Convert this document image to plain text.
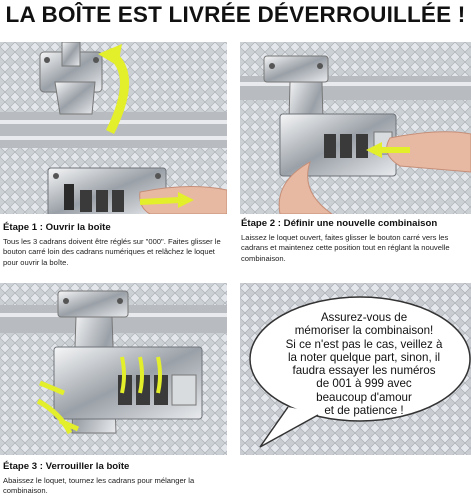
LA BOÎTE EST LIVRÉE DÉVERROUILLÉE !
Assurez-vous de
mémoriser la combinaison!
Si ce n'est pas le cas, veillez à
la noter quelque part, sinon, il
faudra essayer les numéros
de 001 à 999 avec
beaucoup d'amour
et de patience !
Étape 1 : Ouvrir la boîte
Tous les 3 cadrans doivent être réglés sur "000". Faites glisser le bouton carré loin des cadrans numériques et relâchez le loquet pour ouvrir la boîte.
Étape 2 : Définir une nouvelle combinaison
Laissez le loquet ouvert, faites glisser le bouton carré vers les cadrans et maintenez cette position tout en réglant la nouvelle combinaison.
Étape 3 : Verrouiller la boîte
Abaissez le loquet, tournez les cadrans pour mélanger la combinaison.
